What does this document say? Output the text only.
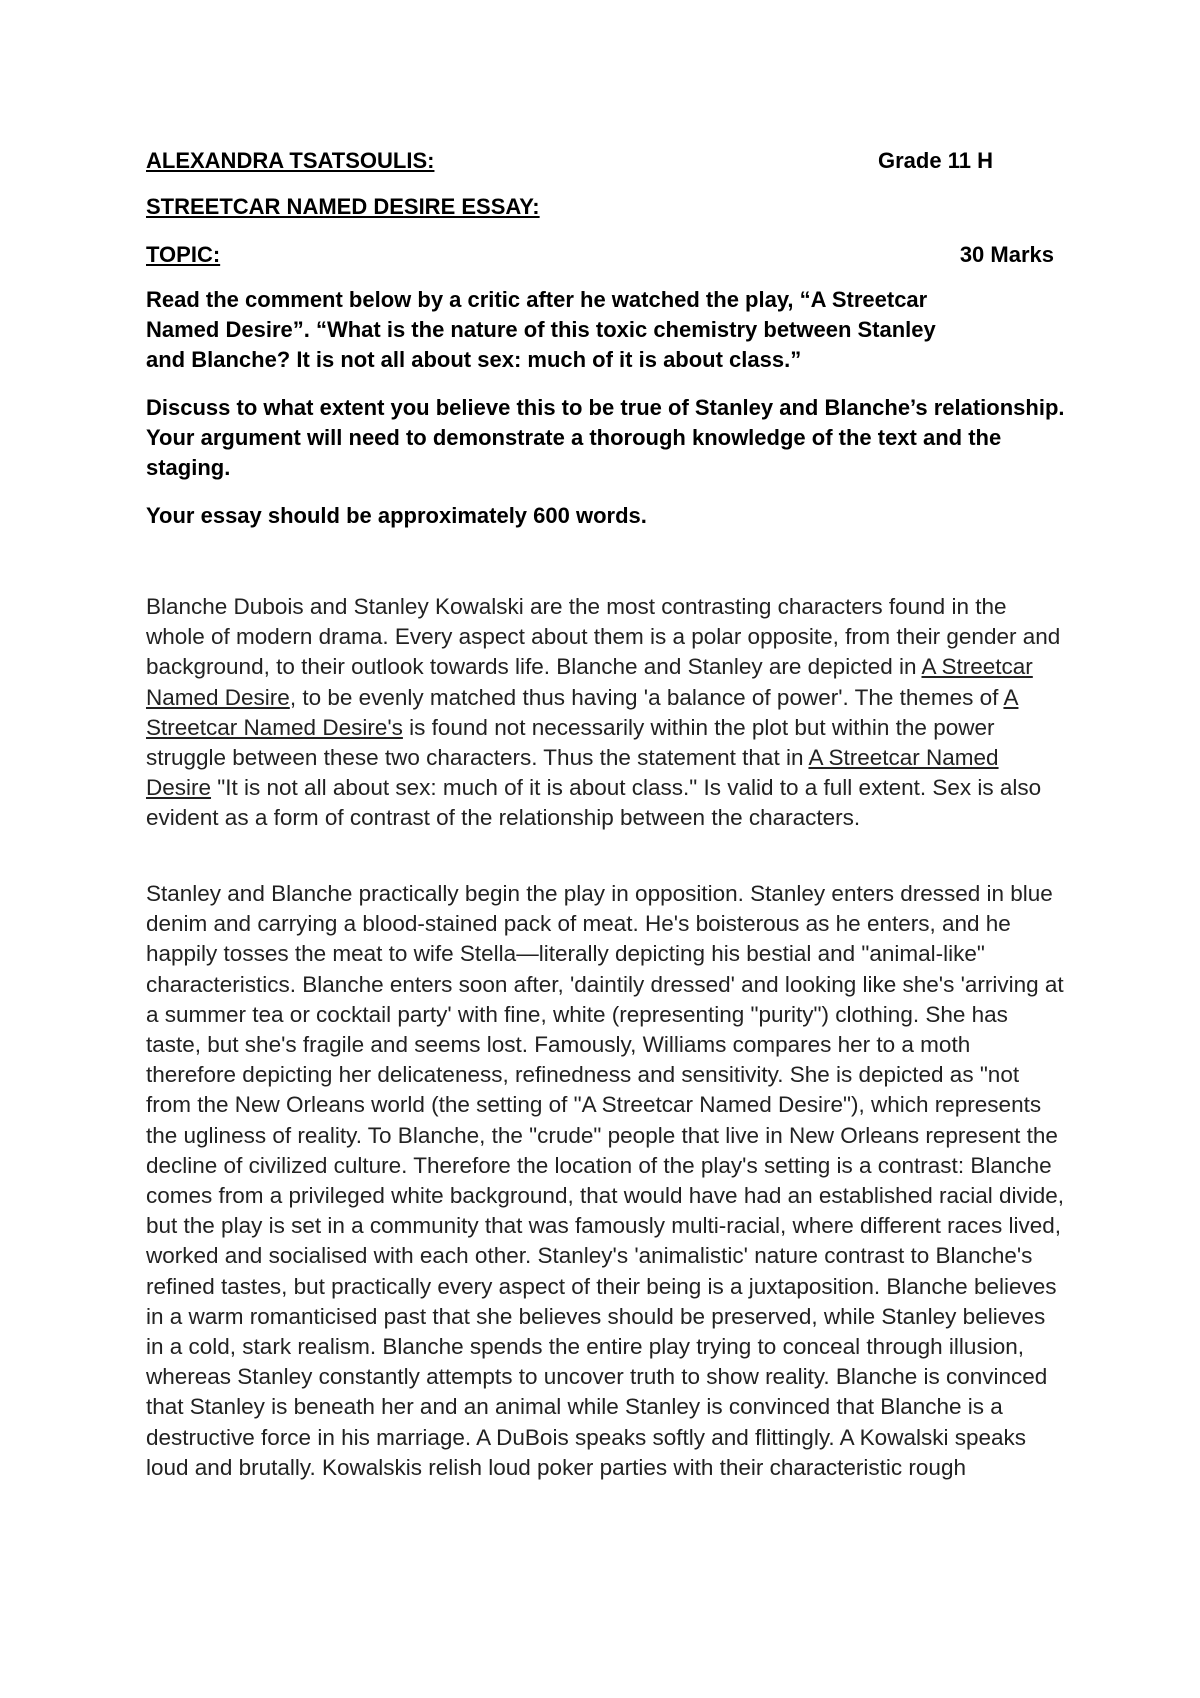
ALEXANDRA TSATSOULIS:	Grade 11 H
STREETCAR NAMED DESIRE ESSAY:
TOPIC:	30 Marks

Read the comment below by a critic after he watched the play, “A Streetcar
Named Desire”. “What is the nature of this toxic chemistry between Stanley
and Blanche? It is not all about sex: much of it is about class.”

Discuss to what extent you believe this to be true of Stanley and Blanche’s relationship. Your argument will need to demonstrate a thorough knowledge of the text and the staging.

Your essay should be approximately 600 words.

Blanche Dubois and Stanley Kowalski are the most contrasting characters found in the whole of modern drama. Every aspect about them is a polar opposite, from their gender and background, to their outlook towards life. Blanche and Stanley are depicted in A Streetcar Named Desire, to be evenly matched thus having 'a balance of power'. The themes of A Streetcar Named Desire's is found not necessarily within the plot but within the power struggle between these two characters. Thus the statement that in A Streetcar Named Desire "It is not all about sex: much of it is about class." Is valid to a full extent. Sex is also evident as a form of contrast of the relationship between the characters.

Stanley and Blanche practically begin the play in opposition. Stanley enters dressed in blue denim and carrying a blood-stained pack of meat. He's boisterous as he enters, and he happily tosses the meat to wife Stella—literally depicting his bestial and "animal-like" characteristics. Blanche enters soon after, 'daintily dressed' and looking like she's 'arriving at a summer tea or cocktail party' with fine, white (representing "purity") clothing. She has taste, but she's fragile and seems lost. Famously, Williams compares her to a moth therefore depicting her delicateness, refinedness and sensitivity. She is depicted as "not from the New Orleans world (the setting of "A Streetcar Named Desire"), which represents the ugliness of reality. To Blanche, the "crude" people that live in New Orleans represent the decline of civilized culture. Therefore the location of the play's setting is a contrast: Blanche comes from a privileged white background, that would have had an established racial divide, but the play is set in a community that was famously multi-racial, where different races lived, worked and socialised with each other. Stanley's 'animalistic' nature contrast to Blanche's refined tastes, but practically every aspect of their being is a juxtaposition. Blanche believes in a warm romanticised past that she believes should be preserved, while Stanley believes in a cold, stark realism. Blanche spends the entire play trying to conceal through illusion, whereas Stanley constantly attempts to uncover truth to show reality. Blanche is convinced that Stanley is beneath her and an animal while Stanley is convinced that Blanche is a destructive force in his marriage. A DuBois speaks softly and flittingly. A Kowalski speaks loud and brutally. Kowalskis relish loud poker parties with their characteristic rough
